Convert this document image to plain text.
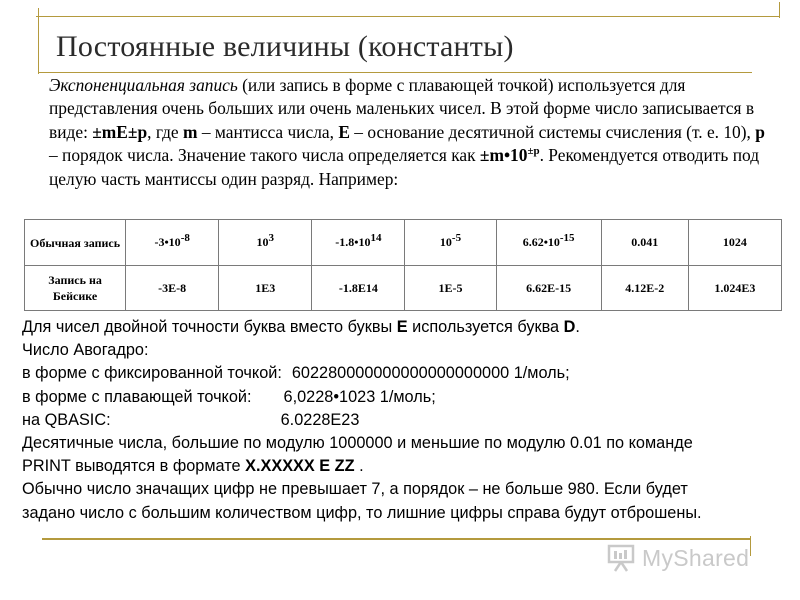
Постоянные величины (константы)
Экспоненциальная запись (или запись в форме с плавающей точкой) используется для представления очень больших или очень маленьких чисел. В этой форме число записывается в виде: ±mE±p, где m – мантисса числа, E – основание десятичной системы счисления (т. е. 10), p – порядок числа. Значение такого числа определяется как $\pm m•10^{\pm p}$. Рекомендуется отводить под целую часть мантиссы один разряд. Например:
Обычная запись	$-3•10^{-8}$	$10^3$	$-1.8•10^{14}$	$10^{-5}$	$6.62•10^{-15}$	0.041	1024
Запись на Бейсике	-3E-8	1E3	-1.8E14	1E-5	6.62E-15	4.12E-2	1.024E3
Для чисел двойной точности буква вместо буквы E используется буква D.
Число Авогадро:
в форме с фиксированной точкой: 602280000000000000000000 1/моль;
в форме с плавающей точкой: 6,0228•1023 1/моль;
на QBASIC:	6.0228E23
Десятичные числа, большие по модулю 1000000 и меньшие по модулю 0.01 по команде
PRINT выводятся в формате X.XXXXX E ZZ .
Обычно число значащих цифр не превышает 7, а порядок – не больше 980. Если будет
задано число с большим количеством цифр, то лишние цифры справа будут отброшены.
MyShared
